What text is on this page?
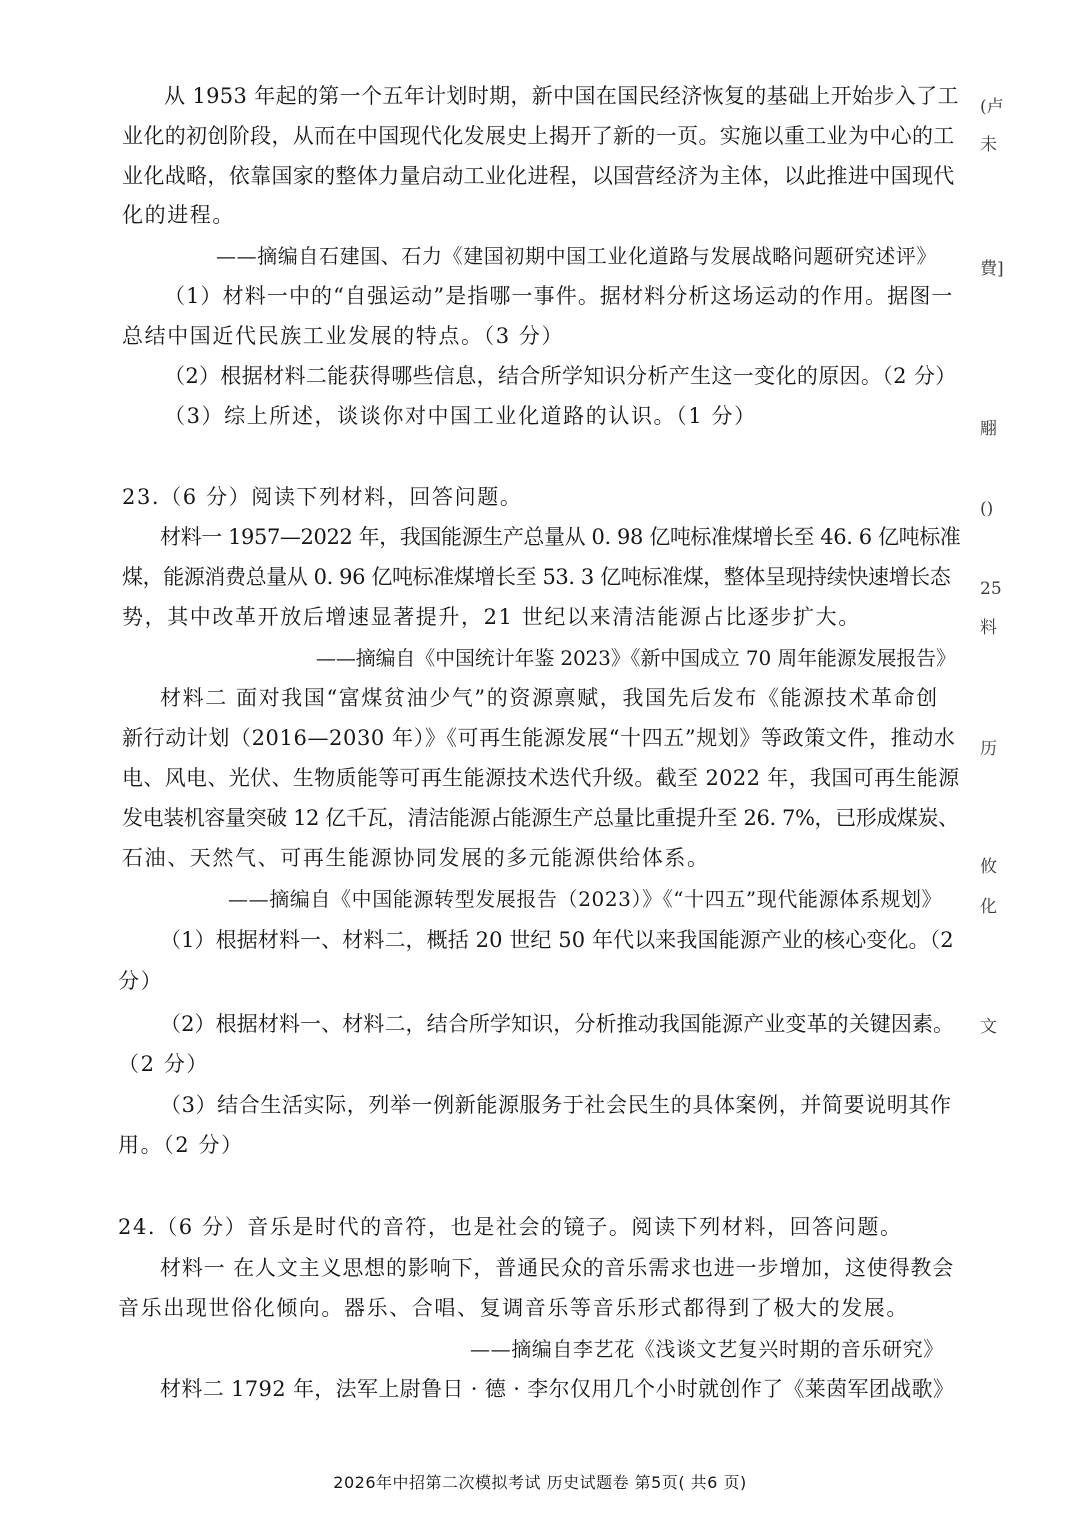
从 1953 年起的第一个五年计划时期，新中国在国民经济恢复的基础上开始步入了工
业化的初创阶段，从而在中国现代化发展史上揭开了新的一页。实施以重工业为中心的工
业化战略，依靠国家的整体力量启动工业化进程，以国营经济为主体，以此推进中国现代
化的进程。
——摘编自石建国、石力《建国初期中国工业化道路与发展战略问题研究述评》
（1）材料一中的“自强运动”是指哪一事件。据材料分析这场运动的作用。据图一
总结中国近代民族工业发展的特点。（3 分）
（2）根据材料二能获得哪些信息，结合所学知识分析产生这一变化的原因。（2 分）
（3）综上所述，谈谈你对中国工业化道路的认识。（1 分）
23.（6 分）阅读下列材料，回答问题。
材料一 1957—2022 年，我国能源生产总量从 0. 98 亿吨标准煤增长至 46. 6 亿吨标准
煤，能源消费总量从 0. 96 亿吨标准煤增长至 53. 3 亿吨标准煤，整体呈现持续快速增长态
势，其中改革开放后增速显著提升，21 世纪以来清洁能源占比逐步扩大。
——摘编自《中国统计年鉴 2023》《新中国成立 70 周年能源发展报告》
材料二 面对我国“富煤贫油少气”的资源禀赋，我国先后发布《能源技术革命创
新行动计划（2016—2030 年）》《可再生能源发展“十四五”规划》等政策文件，推动水
电、风电、光伏、生物质能等可再生能源技术迭代升级。截至 2022 年，我国可再生能源
发电装机容量突破 12 亿千瓦，清洁能源占能源生产总量比重提升至 26. 7%，已形成煤炭、
石油、天然气、可再生能源协同发展的多元能源供给体系。
——摘编自《中国能源转型发展报告（2023）》《“十四五”现代能源体系规划》
（1）根据材料一、材料二，概括 20 世纪 50 年代以来我国能源产业的核心变化。（2
分）
（2）根据材料一、材料二，结合所学知识，分析推动我国能源产业变革的关键因素。
（2 分）
（3）结合生活实际，列举一例新能源服务于社会民生的具体案例，并简要说明其作
用。（2 分）
24.（6 分）音乐是时代的音符，也是社会的镜子。阅读下列材料，回答问题。
材料一 在人文主义思想的影响下，普通民众的音乐需求也进一步增加，这使得教会
音乐出现世俗化倾向。器乐、合唱、复调音乐等音乐形式都得到了极大的发展。
——摘编自李艺花《浅谈文艺复兴时期的音乐研究》
材料二 1792 年，法军上尉鲁日 · 德 · 李尔仅用几个小时就创作了《莱茵军团战歌》
2026年中招第二次模拟考试 历史试题卷 第5页( 共6 页)
(卢
未
費]
翢
()
25
料
历
攸
化
文
